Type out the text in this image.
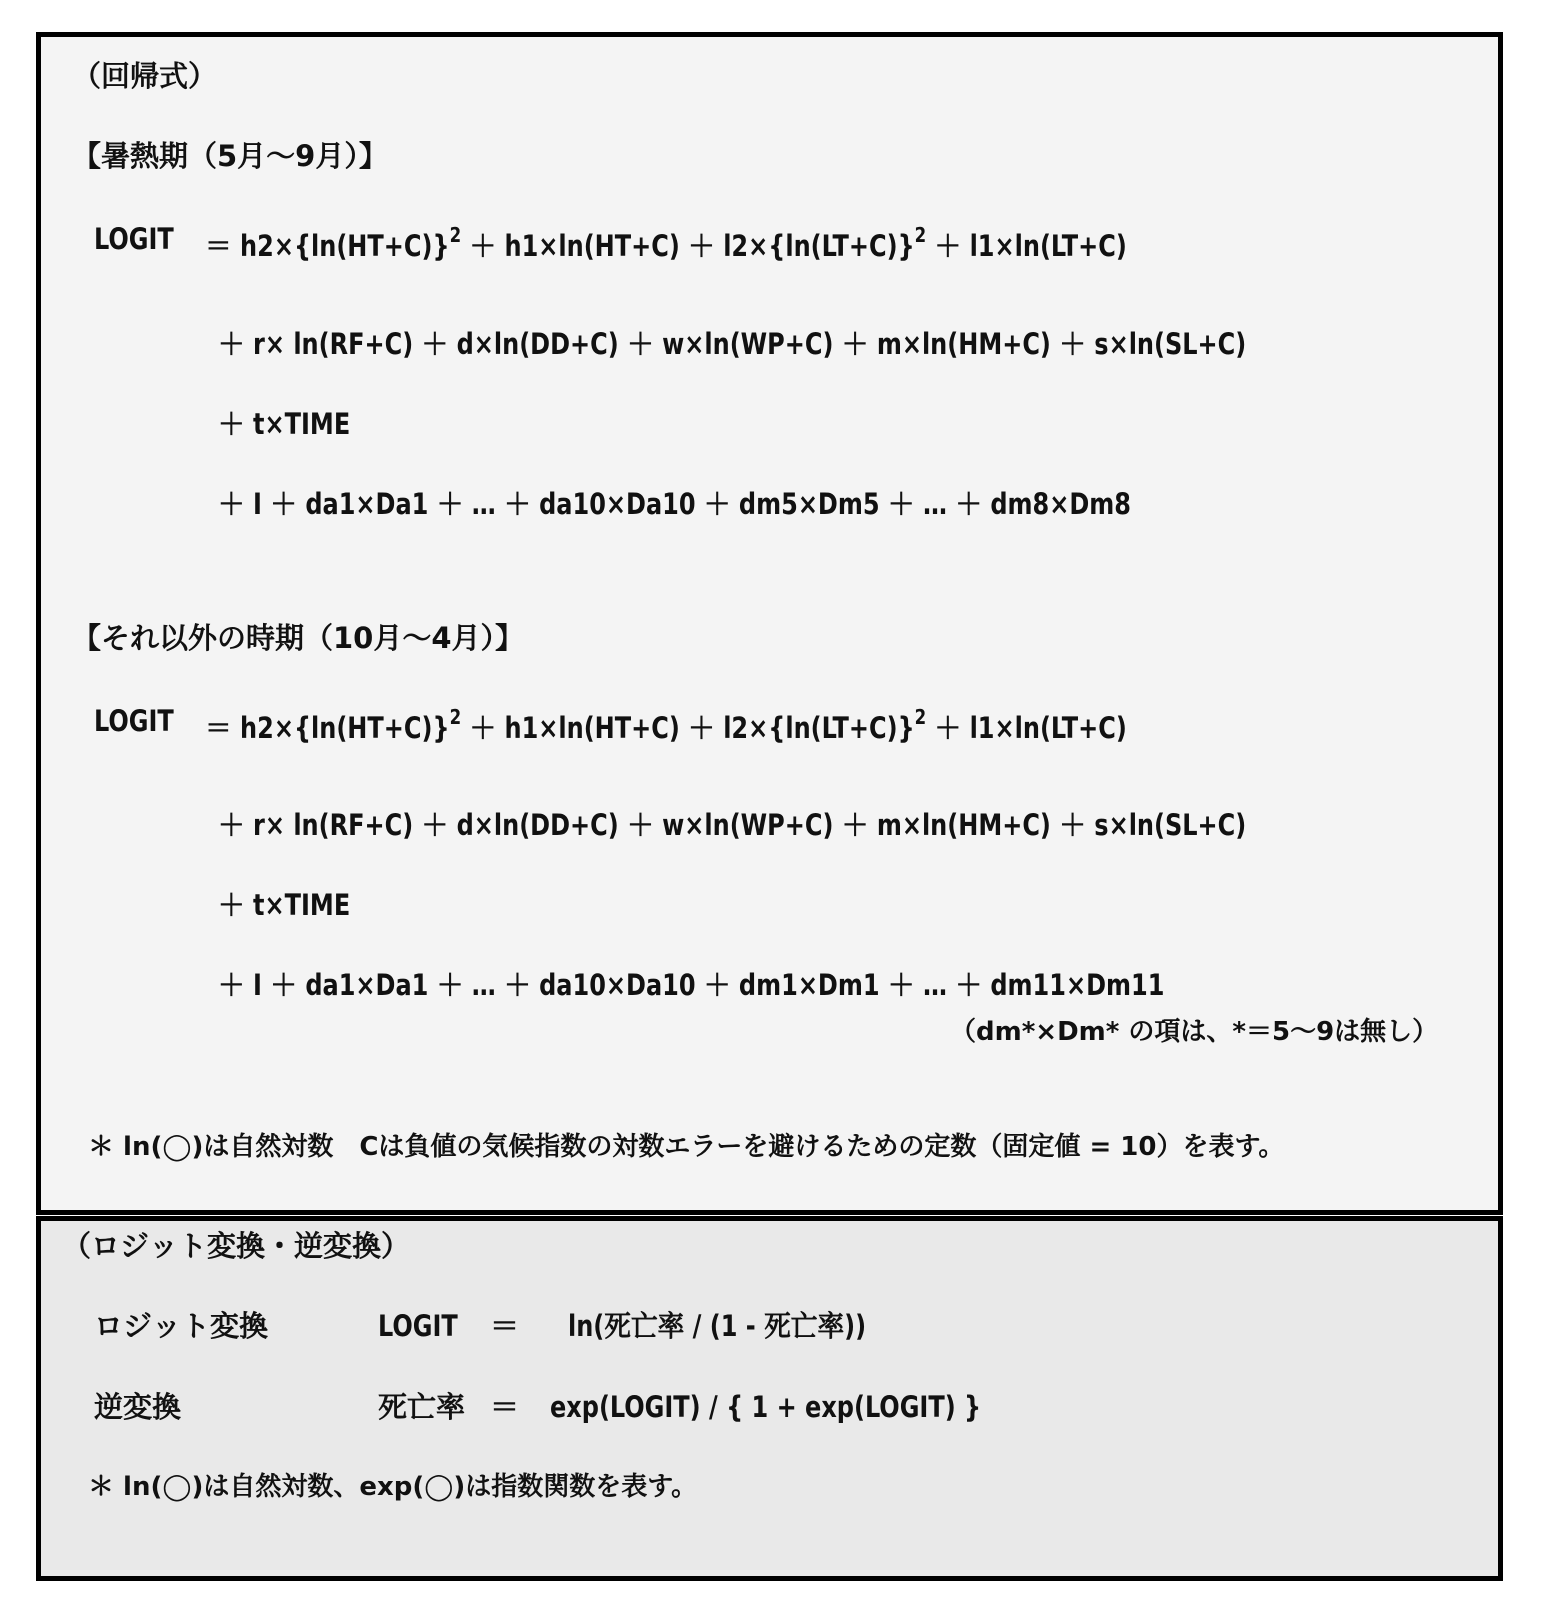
（回帰式）
【暑熱期（5月～9月）】
LOGIT ＝ $h2\times\{\ln(HT+C)\}^2 + h1\times\ln(HT+C) + l2\times\{\ln(LT+C)\}^2 + l1\times\ln(LT+C)$
＋ r× ln(RF+C) ＋ d×ln(DD+C) ＋ w×ln(WP+C) ＋ m×ln(HM+C) ＋ s×ln(SL+C)
＋ t×TIME
＋ I ＋ da1×Da1 ＋ … ＋ da10×Da10 ＋ dm5×Dm5 ＋ … ＋ dm8×Dm8
【それ以外の時期（10月～4月）】
LOGIT ＝ $h2\times\{\ln(HT+C)\}^2 + h1\times\ln(HT+C) + l2\times\{\ln(LT+C)\}^2 + l1\times\ln(LT+C)$
＋ r× ln(RF+C) ＋ d×ln(DD+C) ＋ w×ln(WP+C) ＋ m×ln(HM+C) ＋ s×ln(SL+C)
＋ t×TIME
＋ I ＋ da1×Da1 ＋ … ＋ da10×Da10 ＋ dm1×Dm1 ＋ … ＋ dm11×Dm11
（dm*×Dm* の項は、*＝5～9は無し）
＊ ln(◯)は自然対数　Cは負値の気候指数の対数エラーを避けるための定数（固定値 = 10）を表す。
（ロジット変換・逆変換）
ロジット変換	LOGIT ＝ ln(死亡率 / (1 - 死亡率))
逆変換	死亡率 ＝ exp(LOGIT) / { 1 + exp(LOGIT) }
＊ ln(◯)は自然対数、exp(◯)は指数関数を表す。
